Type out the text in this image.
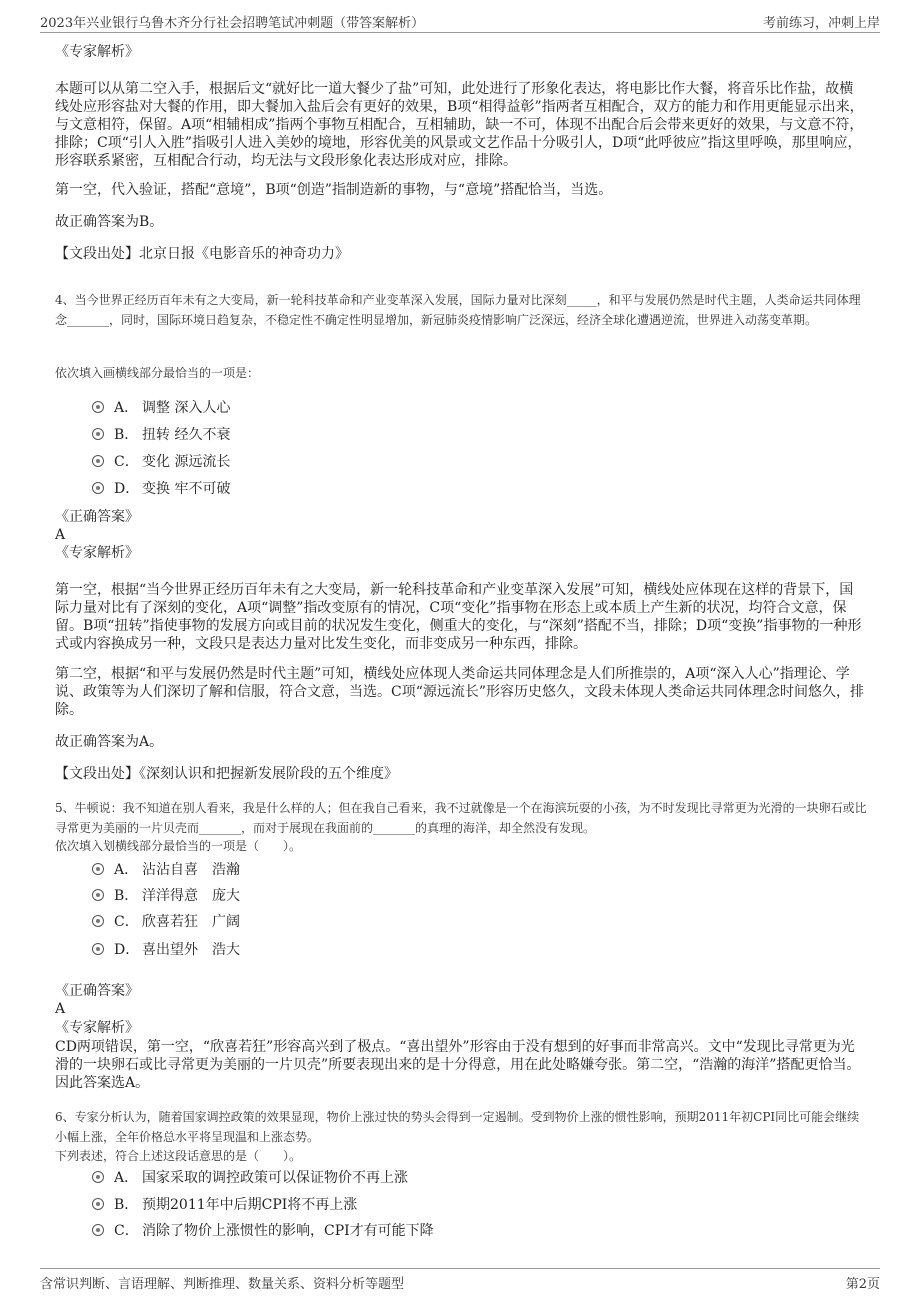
2023年兴业银行乌鲁木齐分行社会招聘笔试冲刺题（带答案解析）	考前练习，冲刺上岸
《专家解析》

本题可以从第二空入手，根据后文“就好比一道大餐少了盐”可知，此处进行了形象化表达，将电影比作大餐，将音乐比作盐，故横线处应形容盐对大餐的作用，即大餐加入盐后会有更好的效果，B项“相得益彰”指两者互相配合，双方的能力和作用更能显示出来，与文意相符，保留。A项“相辅相成”指两个事物互相配合，互相辅助，缺一不可，体现不出配合后会带来更好的效果，与文意不符，排除；C项“引人入胜”指吸引人进入美妙的境地，形容优美的风景或文艺作品十分吸引人，D项“此呼彼应”指这里呼唤，那里响应，形容联系紧密，互相配合行动，均无法与文段形象化表达形成对应，排除。

第一空，代入验证，搭配“意境”，B项“创造”指制造新的事物，与“意境”搭配恰当，当选。
故正确答案为B。
【文段出处】北京日报《电影音乐的神奇功力》

4、当今世界正经历百年未有之大变局，新一轮科技革命和产业变革深入发展，国际力量对比深刻_____，和平与发展仍然是时代主题，人类命运共同体理念_______，同时，国际环境日趋复杂，不稳定性不确定性明显增加，新冠肺炎疫情影响广泛深远，经济全球化遭遇逆流，世界进入动荡变革期。

依次填入画横线部分最恰当的一项是：
A． 调整 深入人心
B． 扭转 经久不衰
C． 变化 源远流长
D． 变换 牢不可破
《正确答案》
A
《专家解析》

第一空，根据“当今世界正经历百年未有之大变局，新一轮科技革命和产业变革深入发展”可知，横线处应体现在这样的背景下，国际力量对比有了深刻的变化，A项“调整”指改变原有的情况，C项“变化”指事物在形态上或本质上产生新的状况，均符合文意，保留。B项“扭转”指使事物的发展方向或目前的状况发生变化，侧重大的变化，与“深刻”搭配不当，排除；D项“变换”指事物的一种形式或内容换成另一种，文段只是表达力量对比发生变化，而非变成另一种东西，排除。

第二空，根据“和平与发展仍然是时代主题”可知，横线处应体现人类命运共同体理念是人们所推崇的，A项“深入人心”指理论、学说、政策等为人们深切了解和信服，符合文意，当选。C项“源远流长”形容历史悠久，文段未体现人类命运共同体理念时间悠久，排除。

故正确答案为A。
【文段出处】《深刻认识和把握新发展阶段的五个维度》

5、牛顿说：我不知道在别人看来，我是什么样的人；但在我自己看来，我不过就像是一个在海滨玩耍的小孩，为不时发现比寻常更为光滑的一块卵石或比寻常更为美丽的一片贝壳而_______，而对于展现在我面前的_______的真理的海洋，却全然没有发现。

依次填入划横线部分最恰当的一项是（　　）。
A． 沾沾自喜　浩瀚
B． 洋洋得意　庞大
C． 欣喜若狂　广阔
D． 喜出望外　浩大
《正确答案》
A
《专家解析》

CD两项错误，第一空，“欣喜若狂”形容高兴到了极点。“喜出望外”形容由于没有想到的好事而非常高兴。文中“发现比寻常更为光滑的一块卵石或比寻常更为美丽的一片贝壳”所要表现出来的是十分得意，用在此处略嫌夸张。第二空，“浩瀚的海洋”搭配更恰当。因此答案选A。

6、专家分析认为，随着国家调控政策的效果显现，物价上涨过快的势头会得到一定遏制。受到物价上涨的惯性影响，预期2011年初CPI同比可能会继续小幅上涨，全年价格总水平将呈现温和上涨态势。

下列表述，符合上述这段话意思的是（　　）。
A． 国家采取的调控政策可以保证物价不再上涨
B． 预期2011年中后期CPI将不再上涨
C． 消除了物价上涨惯性的影响，CPI才有可能下降
含常识判断、言语理解、判断推理、数量关系、资料分析等题型	第2页
